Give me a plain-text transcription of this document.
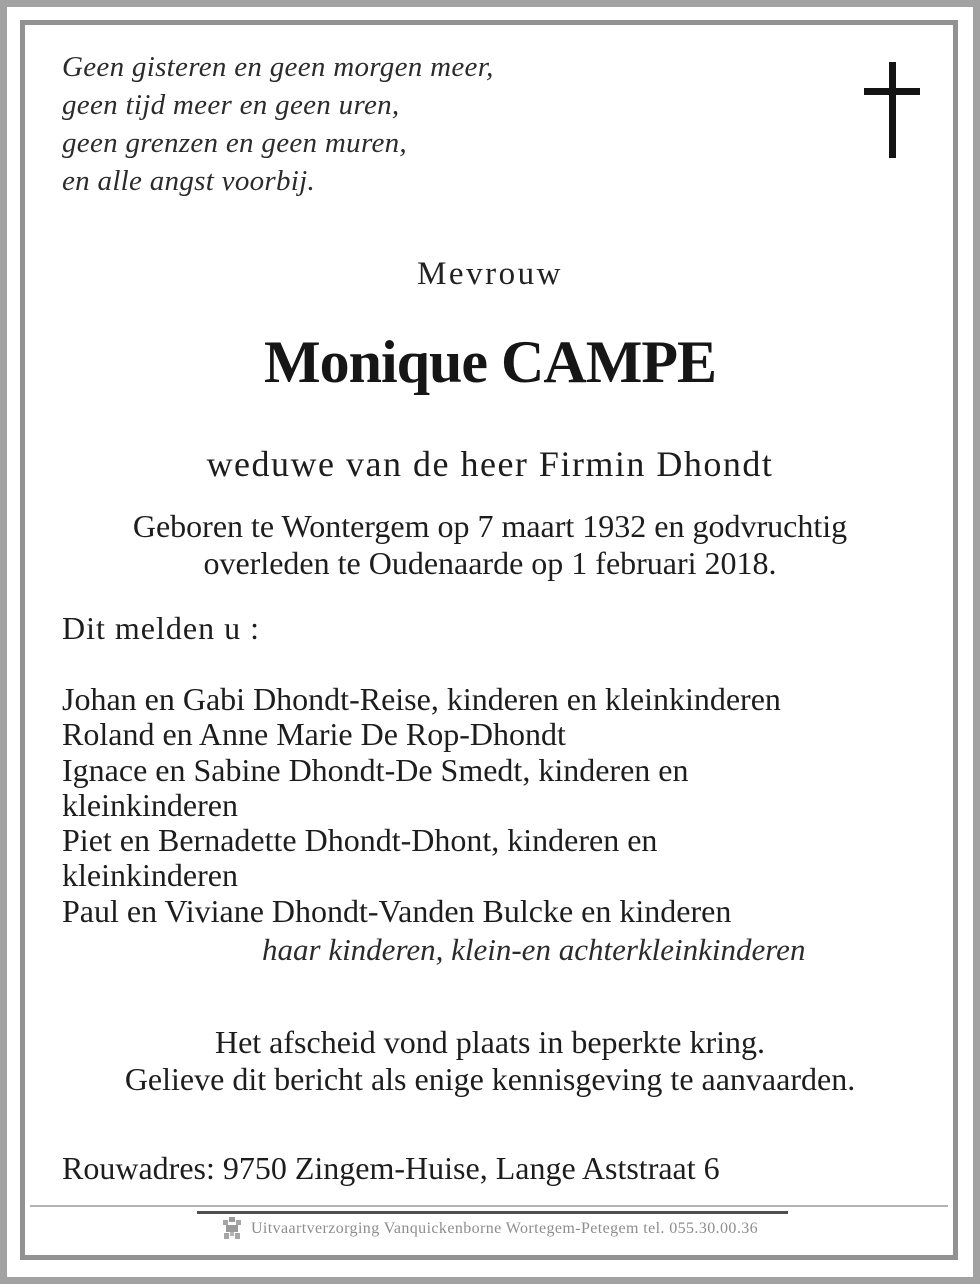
Geen gisteren en geen morgen meer,
geen tijd meer en geen uren,
geen grenzen en geen muren,
en alle angst voorbij.
Mevrouw
Monique CAMPE
weduwe van de heer Firmin Dhondt
Geboren te Wontergem op 7 maart 1932 en godvruchtig
overleden te Oudenaarde op 1 februari 2018.
Dit melden u :
Johan en Gabi Dhondt-Reise, kinderen en kleinkinderen
Roland en Anne Marie De Rop-Dhondt
Ignace en Sabine Dhondt-De Smedt, kinderen en
kleinkinderen
Piet en Bernadette Dhondt-Dhont, kinderen en
kleinkinderen
Paul en Viviane Dhondt-Vanden Bulcke en kinderen
haar kinderen, klein-en achterkleinkinderen
Het afscheid vond plaats in beperkte kring.
Gelieve dit bericht als enige kennisgeving te aanvaarden.
Rouwadres: 9750 Zingem-Huise, Lange Aststraat 6
Uitvaartverzorging Vanquickenborne Wortegem-Petegem tel. 055.30.00.36
